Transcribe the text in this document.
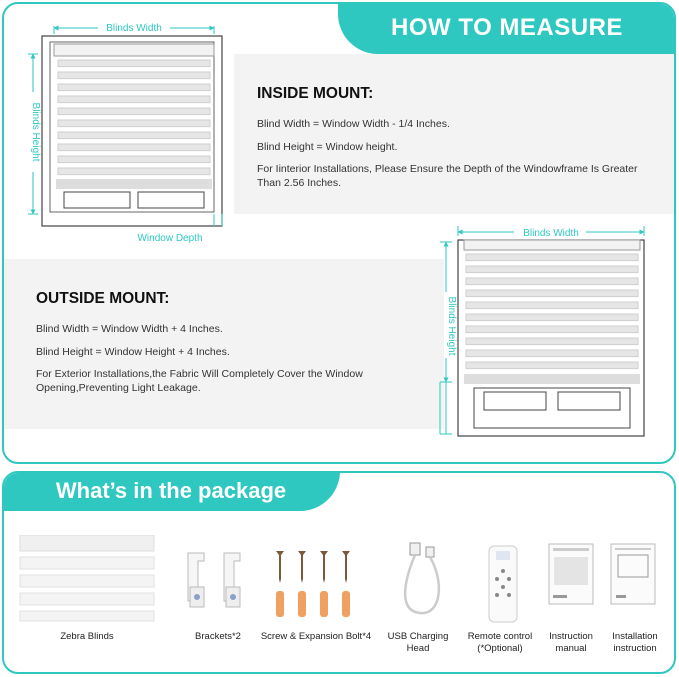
HOW TO MEASURE
Blinds Width
Blinds Height
Window Depth
INSIDE MOUNT:

Blind Width = Window Width - 1/4 Inches.

Blind Height = Window height.

For Iinterior Installations, Please Ensure the Depth of the Windowframe Is Greater Than 2.56 Inches.

OUTSIDE MOUNT:

Blind Width = Window Width + 4 Inches.

Blind Height = Window Height + 4 Inches.

For Exterior Installations,the Fabric Will Completely Cover the Window Opening,Preventing Light Leakage.

Blinds Width
Blinds Height
What’s in the package
Zebra Blinds	Brackets*2	Screw & Expansion Bolt*4	USB Charging Head
Remote control (*Optional)
Instruction manual
Installation instruction
